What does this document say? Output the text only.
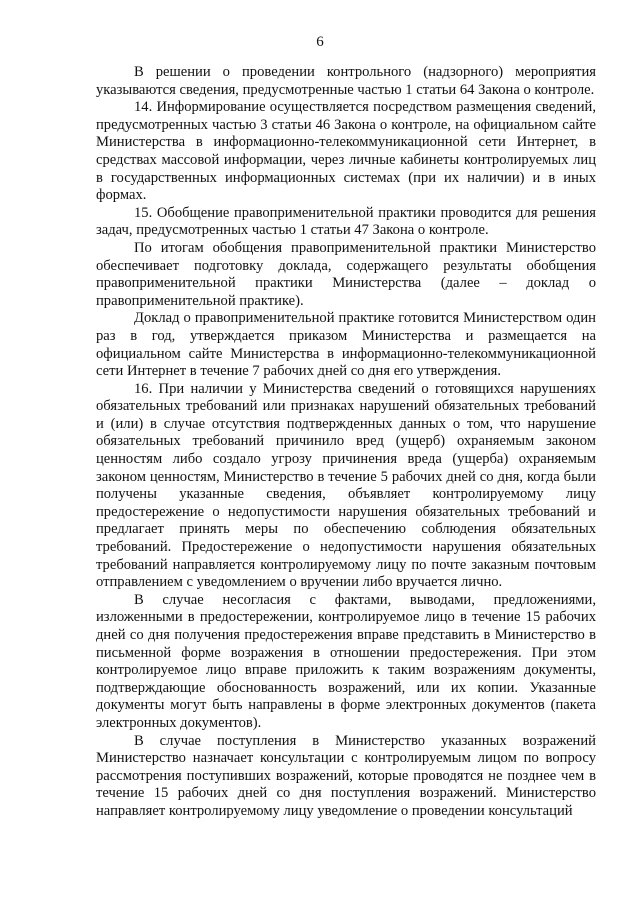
6

В решении о проведении контрольного (надзорного) мероприятия указываются сведения, предусмотренные частью 1 статьи 64 Закона о контроле.

14. Информирование осуществляется посредством размещения сведений, предусмотренных частью 3 статьи 46 Закона о контроле, на официальном сайте Министерства в информационно-телекоммуникационной сети Интернет, в средствах массовой информации, через личные кабинеты контролируемых лиц в государственных информационных системах (при их наличии) и в иных формах.

15. Обобщение правоприменительной практики проводится для решения задач, предусмотренных частью 1 статьи 47 Закона о контроле.

По итогам обобщения правоприменительной практики Министерство обеспечивает подготовку доклада, содержащего результаты обобщения правоприменительной практики Министерства (далее – доклад о правоприменительной практике).

Доклад о правоприменительной практике готовится Министерством один раз в год, утверждается приказом Министерства и размещается на официальном сайте Министерства в информационно-телекоммуникационной сети Интернет в течение 7 рабочих дней со дня его утверждения.

16. При наличии у Министерства сведений о готовящихся нарушениях обязательных требований или признаках нарушений обязательных требований и (или) в случае отсутствия подтвержденных данных о том, что нарушение обязательных требований причинило вред (ущерб) охраняемым законом ценностям либо создало угрозу причинения вреда (ущерба) охраняемым законом ценностям, Министерство в течение 5 рабочих дней со дня, когда были получены указанные сведения, объявляет контролируемому лицу предостережение о недопустимости нарушения обязательных требований и предлагает принять меры по обеспечению соблюдения обязательных требований. Предостережение о недопустимости нарушения обязательных требований направляется контролируемому лицу по почте заказным почтовым отправлением с уведомлением о вручении либо вручается лично.

В случае несогласия с фактами, выводами, предложениями, изложенными в предостережении, контролируемое лицо в течение 15 рабочих дней со дня получения предостережения вправе представить в Министерство в письменной форме возражения в отношении предостережения. При этом контролируемое лицо вправе приложить к таким возражениям документы, подтверждающие обоснованность возражений, или их копии. Указанные документы могут быть направлены в форме электронных документов (пакета электронных документов).

В случае поступления в Министерство указанных возражений Министерство назначает консультации с контролируемым лицом по вопросу рассмотрения поступивших возражений, которые проводятся не позднее чем в течение 15 рабочих дней со дня поступления возражений. Министерство направляет контролируемому лицу уведомление о проведении консультаций
